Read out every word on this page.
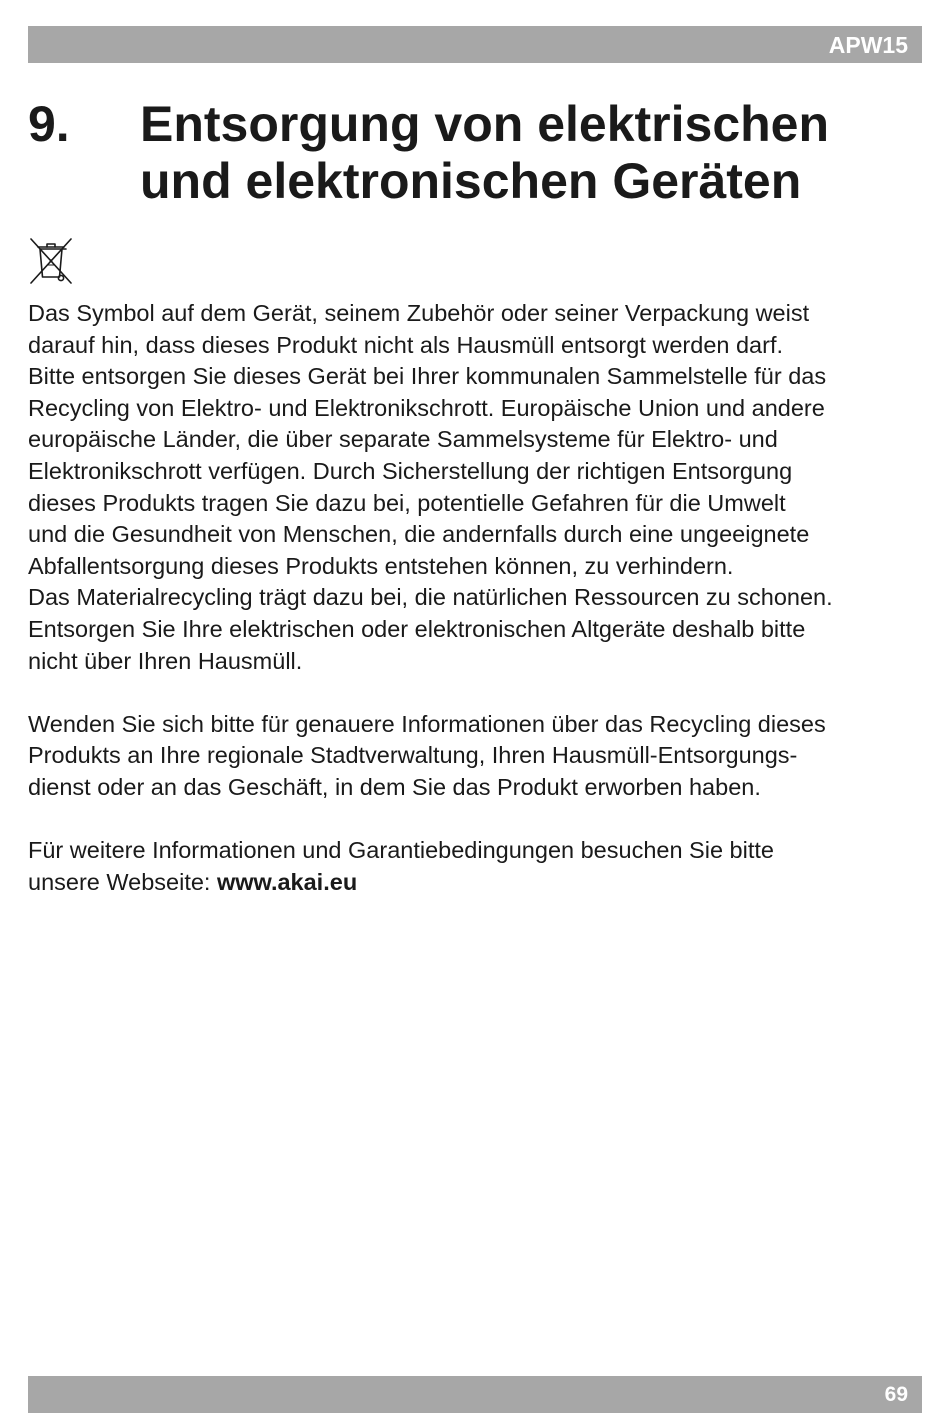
APW15
9. Entsorgung von elektrischen
und elektronischen Geräten

Das Symbol auf dem Gerät, seinem Zubehör oder seiner Verpackung weist
darauf hin, dass dieses Produkt nicht als Hausmüll entsorgt werden darf.
Bitte entsorgen Sie dieses Gerät bei Ihrer kommunalen Sammelstelle für das
Recycling von Elektro- und Elektronikschrott. Europäische Union und andere
europäische Länder, die über separate Sammelsysteme für Elektro- und
Elektronikschrott verfügen. Durch Sicherstellung der richtigen Entsorgung
dieses Produkts tragen Sie dazu bei, potentielle Gefahren für die Umwelt
und die Gesundheit von Menschen, die andernfalls durch eine ungeeignete
Abfallentsorgung dieses Produkts entstehen können, zu verhindern.
Das Materialrecycling trägt dazu bei, die natürlichen Ressourcen zu schonen.
Entsorgen Sie Ihre elektrischen oder elektronischen Altgeräte deshalb bitte
nicht über Ihren Hausmüll.

Wenden Sie sich bitte für genauere Informationen über das Recycling dieses
Produkts an Ihre regionale Stadtverwaltung, Ihren Hausmüll-Entsorgungs-
dienst oder an das Geschäft, in dem Sie das Produkt erworben haben.

Für weitere Informationen und Garantiebedingungen besuchen Sie bitte
unsere Webseite: www.akai.eu

69
